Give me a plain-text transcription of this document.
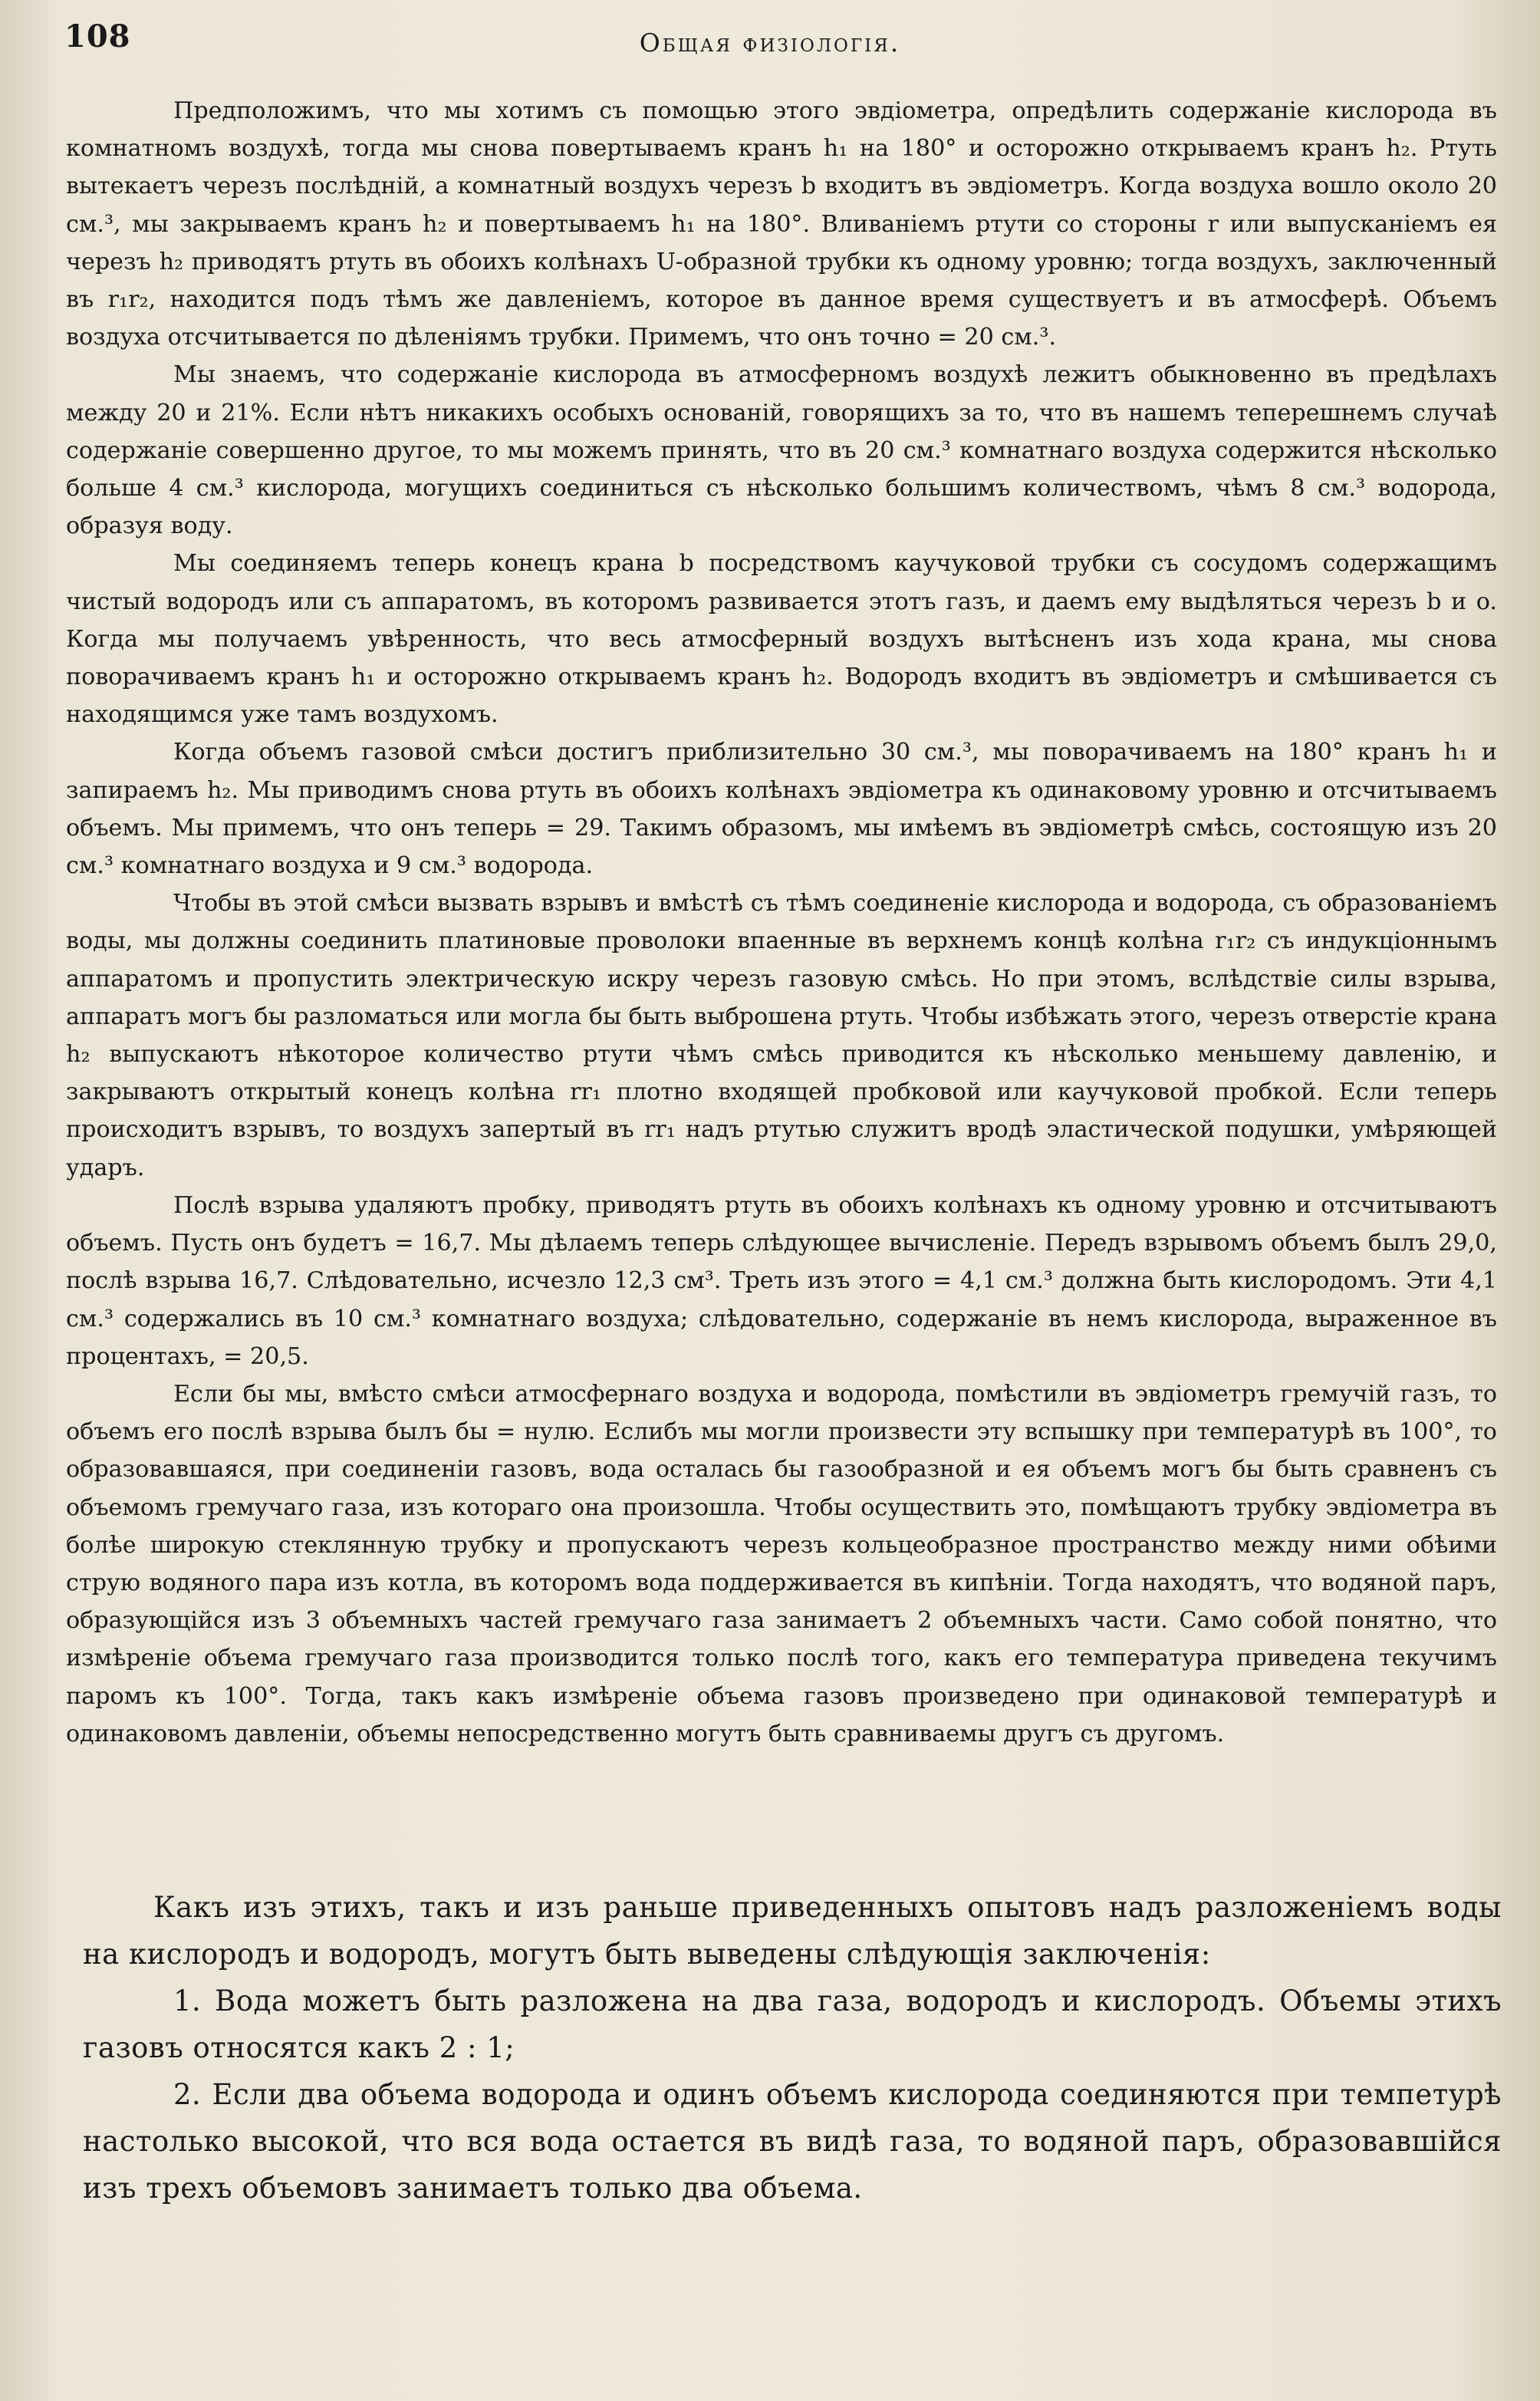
108	Общая физiологiя.

Предположимъ, что мы хотимъ съ помощью этого эвдiометра, опредѣлить содержанiе кислорода въ комнатномъ воздухѣ, тогда мы снова повертываемъ кранъ h₁ на 180° и осторожно открываемъ кранъ h₂. Ртуть вытекаетъ черезъ послѣднiй, а комнатный воздухъ черезъ b входитъ въ эвдiометръ. Когда воздуха вошло около 20 см.³, мы закрываемъ кранъ h₂ и повертываемъ h₁ на 180°. Вливанiемъ ртути со стороны r или выпусканiемъ ея черезъ h₂ приводятъ ртуть въ обоихъ колѣнахъ U-образной трубки къ одному уровню; тогда воздухъ, заключенный въ r₁r₂, находится подъ тѣмъ же давленiемъ, которое въ данное время существуетъ и въ атмосферѣ. Объемъ воздуха отсчитывается по дѣленiямъ трубки. Примемъ, что онъ точно = 20 см.³.

Мы знаемъ, что содержанiе кислорода въ атмосферномъ воздухѣ лежитъ обыкновенно въ предѣлахъ между 20 и 21%. Если нѣтъ никакихъ особыхъ основанiй, говорящихъ за то, что въ нашемъ теперешнемъ случаѣ содержанiе совершенно другое, то мы можемъ принять, что въ 20 см.³ комнатнаго воздуха содержится нѣсколько больше 4 см.³ кислорода, могущихъ соединиться съ нѣсколько большимъ количествомъ, чѣмъ 8 см.³ водорода, образуя воду.

Мы соединяемъ теперь конецъ крана b посредствомъ каучуковой трубки съ сосудомъ содержащимъ чистый водородъ или съ аппаратомъ, въ которомъ развивается этотъ газъ, и даемъ ему выдѣляться черезъ b и o. Когда мы получаемъ увѣренность, что весь атмосферный воздухъ вытѣсненъ изъ хода крана, мы снова поворачиваемъ кранъ h₁ и осторожно открываемъ кранъ h₂. Водородъ входитъ въ эвдiометръ и смѣшивается съ находящимся уже тамъ воздухомъ.

Когда объемъ газовой смѣси достигъ приблизительно 30 см.³, мы поворачиваемъ на 180° кранъ h₁ и запираемъ h₂. Мы приводимъ снова ртуть въ обоихъ колѣнахъ эвдiометра къ одинаковому уровню и отсчитываемъ объемъ. Мы примемъ, что онъ теперь = 29. Такимъ образомъ, мы имѣемъ въ эвдiометрѣ смѣсь, состоящую изъ 20 см.³ комнатнаго воздуха и 9 см.³ водорода.

Чтобы въ этой смѣси вызвать взрывъ и вмѣстѣ съ тѣмъ соединенiе кислорода и водорода, съ образованiемъ воды, мы должны соединить платиновые проволоки впаенные въ верхнемъ концѣ колѣна r₁r₂ съ индукцiоннымъ аппаратомъ и пропустить электрическую искру черезъ газовую смѣсь. Но при этомъ, вслѣдствiе силы взрыва, аппаратъ могъ бы разломаться или могла бы быть выброшена ртуть. Чтобы избѣжать этого, черезъ отверстiе крана h₂ выпускаютъ нѣкоторое количество ртути чѣмъ смѣсь приводится къ нѣсколько меньшему давленiю, и закрываютъ открытый конецъ колѣна rr₁ плотно входящей пробковой или каучуковой пробкой. Если теперь происходитъ взрывъ, то воздухъ запертый въ rr₁ надъ ртутью служитъ вродѣ эластической подушки, умѣряющей ударъ.

Послѣ взрыва удаляютъ пробку, приводятъ ртуть въ обоихъ колѣнахъ къ одному уровню и отсчитываютъ объемъ. Пусть онъ будетъ = 16,7. Мы дѣлаемъ теперь слѣдующее вычисленiе. Передъ взрывомъ объемъ былъ 29,0, послѣ взрыва 16,7. Слѣдовательно, исчезло 12,3 см³. Треть изъ этого = 4,1 см.³ должна быть кислородомъ. Эти 4,1 см.³ содержались въ 10 см.³ комнатнаго воздуха; слѣдовательно, содержанiе въ немъ кислорода, выраженное въ процентахъ, = 20,5.

Если бы мы, вмѣсто смѣси атмосфернаго воздуха и водорода, помѣстили въ эвдiометръ гремучiй газъ, то объемъ его послѣ взрыва былъ бы = нулю. Еслибъ мы могли произвести эту вспышку при температурѣ въ 100°, то образовавшаяся, при соединенiи газовъ, вода осталась бы газообразной и ея объемъ могъ бы быть сравненъ съ объемомъ гремучаго газа, изъ котораго она произошла. Чтобы осуществить это, помѣщаютъ трубку эвдiометра въ болѣе широкую стеклянную трубку и пропускаютъ черезъ кольцеобразное пространство между ними обѣими струю водяного пара изъ котла, въ которомъ вода поддерживается въ кипѣнiи. Тогда находятъ, что водяной паръ, образующiйся изъ 3 объемныхъ частей гремучаго газа занимаетъ 2 объемныхъ части. Само собой понятно, что измѣренiе объема гремучаго газа производится только послѣ того, какъ его температура приведена текучимъ паромъ къ 100°. Тогда, такъ какъ измѣренiе объема газовъ произведено при одинаковой температурѣ и одинаковомъ давленiи, объемы непосредственно могутъ быть сравниваемы другъ съ другомъ.

Какъ изъ этихъ, такъ и изъ раньше приведенныхъ опытовъ надъ разложенiемъ воды на кислородъ и водородъ, могутъ быть выведены слѣдующiя заключенiя:

1. Вода можетъ быть разложена на два газа, водородъ и кислородъ. Объемы этихъ газовъ относятся какъ 2 : 1;

2. Если два объема водорода и одинъ объемъ кислорода соединяются при темпетурѣ настолько высокой, что вся вода остается въ видѣ газа, то водяной паръ, образовавшiйся изъ трехъ объемовъ занимаетъ только два объема.
